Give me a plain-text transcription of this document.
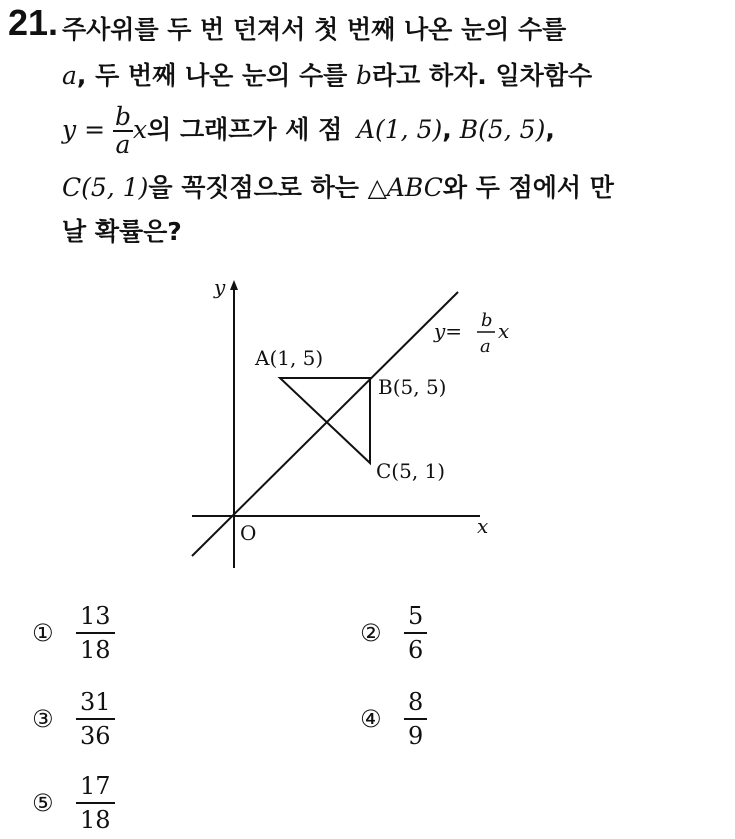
21. 주사위를 두 번 던져서 첫 번째 나온 눈의 수를
a, 두 번째 나온 눈의 수를 b라고 하자. 일차함수
$y = \frac{b}{a}$ x의 그래프가 세 점 A(1, 5), B(5, 5),
C(5, 1)을 꼭짓점으로 하는 △ABC와 두 점에서 만
날 확률은?
y
x
O
A(1, 5)
B(5, 5)
C(5, 1)
y= b
a
x
① $\frac{13}{18}$	② $\frac{5}{6}$
③ $\frac{31}{36}$	④ $\frac{8}{9}$
⑤ $\frac{17}{18}$
